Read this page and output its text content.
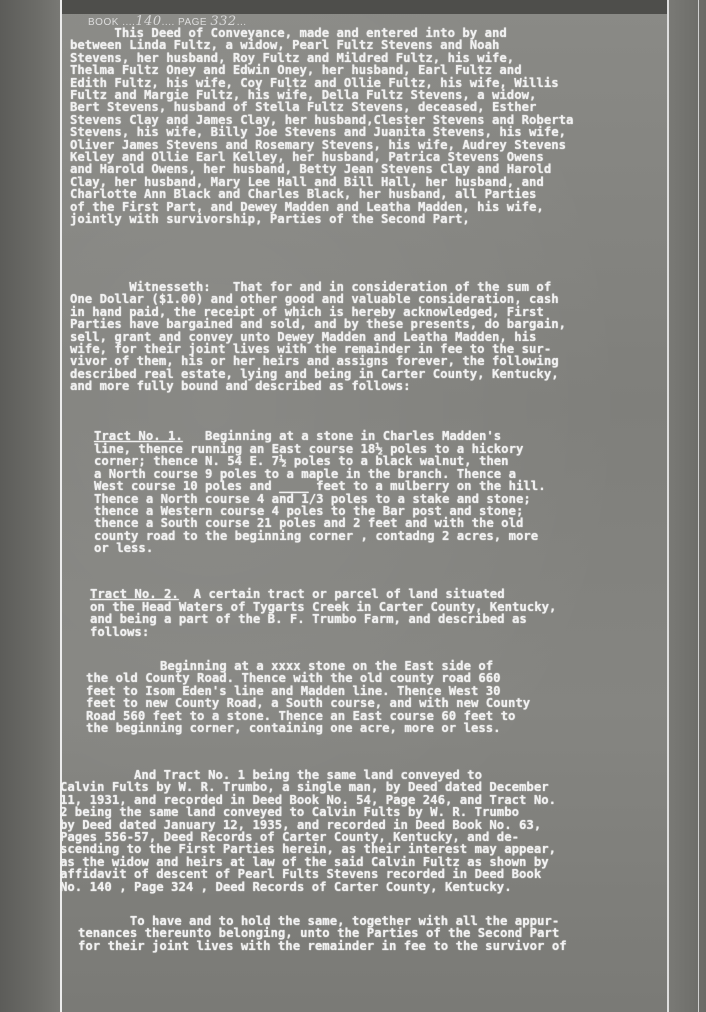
BOOK ....140.... PAGE 332...
This Deed of Conveyance, made and entered into by and
between Linda Fultz, a widow, Pearl Fultz Stevens and Noah
Stevens, her husband, Roy Fultz and Mildred Fultz, his wife,
Thelma Fultz Oney and Edwin Oney, her husband, Earl Fultz and
Edith Fultz, his wife, Coy Fultz and Ollie Fultz, his wife, Willis
Fultz and Margie Fultz, his wife, Della Fultz Stevens, a widow,
Bert Stevens, husband of Stella Fultz Stevens, deceased, Esther
Stevens Clay and James Clay, her husband,Clester Stevens and Roberta
Stevens, his wife, Billy Joe Stevens and Juanita Stevens, his wife,
Oliver James Stevens and Rosemary Stevens, his wife, Audrey Stevens
Kelley and Ollie Earl Kelley, her husband, Patrica Stevens Owens
and Harold Owens, her husband, Betty Jean Stevens Clay and Harold
Clay, her husband, Mary Lee Hall and Bill Hall, her husband, and
Charlotte Ann Black and Charles Black, her husband, all Parties
of the First Part, and Dewey Madden and Leatha Madden, his wife,
jointly with survivorship, Parties of the Second Part,
Witnesseth:   That for and in consideration of the sum of
One Dollar ($1.00) and other good and valuable consideration, cash
in hand paid, the receipt of which is hereby acknowledged, First
Parties have bargained and sold, and by these presents, do bargain,
sell, grant and convey unto Dewey Madden and Leatha Madden, his
wife, for their joint lives with the remainder in fee to the sur-
vivor of them, his or her heirs and assigns forever, the following
described real estate, lying and being in Carter County, Kentucky,
and more fully bound and described as follows:
Tract No. 1.   Beginning at a stone in Charles Madden's
line, thence running an East course 18½ poles to a hickory
corner; thence N. 54 E. 7½ poles to a black walnut, then
a North course 9 poles to a maple in the branch. Thence a
West course 10 poles and ____ feet to a mulberry on the hill.
Thence a North course 4 and 1/3 poles to a stake and stone;
thence a Western course 4 poles to the Bar post and stone;
thence a South course 21 poles and 2 feet and with the old
county road to the beginning corner , contadng 2 acres, more
or less.
Tract No. 2.  A certain tract or parcel of land situated
on the Head Waters of Tygarts Creek in Carter County, Kentucky,
and being a part of the B. F. Trumbo Farm, and described as
follows:
Beginning at a xxxx stone on the East side of
the old County Road. Thence with the old county road 660
feet to Isom Eden's line and Madden line. Thence West 30
feet to new County Road, a South course, and with new County
Road 560 feet to a stone. Thence an East course 60 feet to
the beginning corner, containing one acre, more or less.
And Tract No. 1 being the same land conveyed to
Calvin Fults by W. R. Trumbo, a single man, by Deed dated December
11, 1931, and recorded in Deed Book No. 54, Page 246, and Tract No.
2 being the same land conveyed to Calvin Fults by W. R. Trumbo
by Deed dated January 12, 1935, and recorded in Deed Book No. 63,
Pages 556-57, Deed Records of Carter County, Kentucky, and de-
scending to the First Parties herein, as their interest may appear,
as the widow and heirs at law of the said Calvin Fultz as shown by
affidavit of descent of Pearl Fults Stevens recorded in Deed Book
No. 140 , Page 324 , Deed Records of Carter County, Kentucky.
To have and to hold the same, together with all the appur-
tenances thereunto belonging, unto the Parties of the Second Part
for their joint lives with the remainder in fee to the survivor of
